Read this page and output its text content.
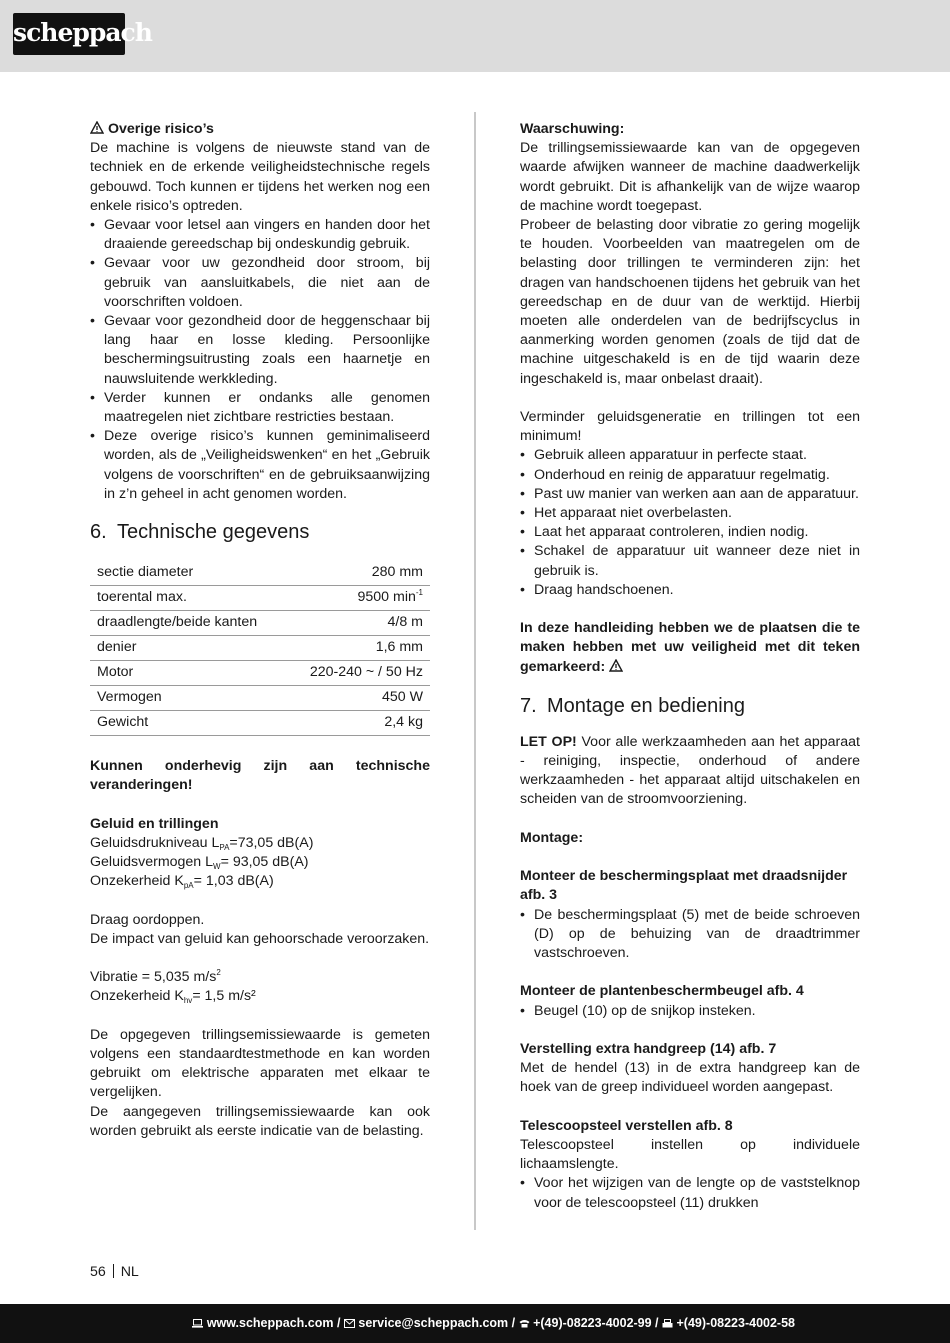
scheppach

Overige risico’s

De machine is volgens de nieuwste stand van de techniek en de erkende veiligheidstechnische regels gebouwd. Toch kunnen er tijdens het werken nog een enkele risico’s optreden.

• Gevaar voor letsel aan vingers en handen door het draaiende gereedschap bij ondeskundig gebruik.
• Gevaar voor uw gezondheid door stroom, bij gebruik van aansluitkabels, die niet aan de voorschriften voldoen.
• Gevaar voor gezondheid door de heggenschaar bij lang haar en losse kleding. Persoonlijke beschermingsuitrusting zoals een haarnetje en nauwsluitende werkkleding.
• Verder kunnen er ondanks alle genomen maatregelen niet zichtbare restricties bestaan.
• Deze overige risico’s kunnen geminimaliseerd worden, als de „Veiligheidswenken“ en het „Gebruik volgens de voorschriften“ en de gebruiksaanwijzing in z’n geheel in acht genomen worden.
6. Technische gegevens
sectie diameter	280 mm
toerental max.	9500 $\min^{-1}$
draadlengte/beide kanten	4/8 m
denier	1,6 mm
Motor	220-240 ~ / 50 Hz
Vermogen	450 W
Gewicht	2,4 kg

Kunnen onderhevig zijn aan technische veranderingen!

Geluid en trillingen

Geluidsdrukniveau $L_{PA}=73,05$ dB(A)

Geluidsvermogen $L_W= 93,05$ dB(A)

Onzekerheid $K_{pA}= 1,03$ dB(A)

Draag oordoppen.

De impact van geluid kan gehoorschade veroorzaken.

Vibratie = 5,035 $m/s^2$

Onzekerheid $K_{hv}= 1,5$ m/s²

De opgegeven trillingsemissiewaarde is gemeten volgens een standaardtestmethode en kan worden gebruikt om elektrische apparaten met elkaar te vergelijken.

De aangegeven trillingsemissiewaarde kan ook worden gebruikt als eerste indicatie van de belasting.

Waarschuwing:

De trillingsemissiewaarde kan van de opgegeven waarde afwijken wanneer de machine daadwerkelijk wordt gebruikt. Dit is afhankelijk van de wijze waarop de machine wordt toegepast.

Probeer de belasting door vibratie zo gering mogelijk te houden. Voorbeelden van maatregelen om de belasting door trillingen te verminderen zijn: het dragen van handschoenen tijdens het gebruik van het gereedschap en de duur van de werktijd. Hierbij moeten alle onderdelen van de bedrijfscyclus in aanmerking worden genomen (zoals de tijd dat de machine uitgeschakeld is en de tijd waarin deze ingeschakeld is, maar onbelast draait).

Verminder geluidsgeneratie en trillingen tot een minimum!

• Gebruik alleen apparatuur in perfecte staat.
• Onderhoud en reinig de apparatuur regelmatig.
• Past uw manier van werken aan aan de apparatuur.
• Het apparaat niet overbelasten.
• Laat het apparaat controleren, indien nodig.
• Schakel de apparatuur uit wanneer deze niet in gebruik is.
• Draag handschoenen.

In deze handleiding hebben we de plaatsen die te maken hebben met uw veiligheid met dit teken gemarkeerd:

7. Montage en bediening

LET OP! Voor alle werkzaamheden aan het apparaat - reiniging, inspectie, onderhoud of andere werkzaamheden - het apparaat altijd uitschakelen en scheiden van de stroomvoorziening.

Montage:

Monteer de beschermingsplaat met draadsnijder afb. 3

• De beschermingsplaat (5) met de beide schroeven (D) op de behuizing van de draadtrimmer vastschroeven.

Monteer de plantenbeschermbeugel afb. 4

• Beugel (10) op de snijkop insteken.

Verstelling extra handgreep (14) afb. 7

Met de hendel (13) in de extra handgreep kan de hoek van de greep individueel worden aangepast.

Telescoopsteel verstellen afb. 8

Telescoopsteel instellen op individuele lichaamslengte.

• Voor het wijzigen van de lengte op de vaststelknop voor de telescoopsteel (11) drukken
56 NL
www.scheppach.com / service@scheppach.com / +(49)-08223-4002-99 / +(49)-08223-4002-58
